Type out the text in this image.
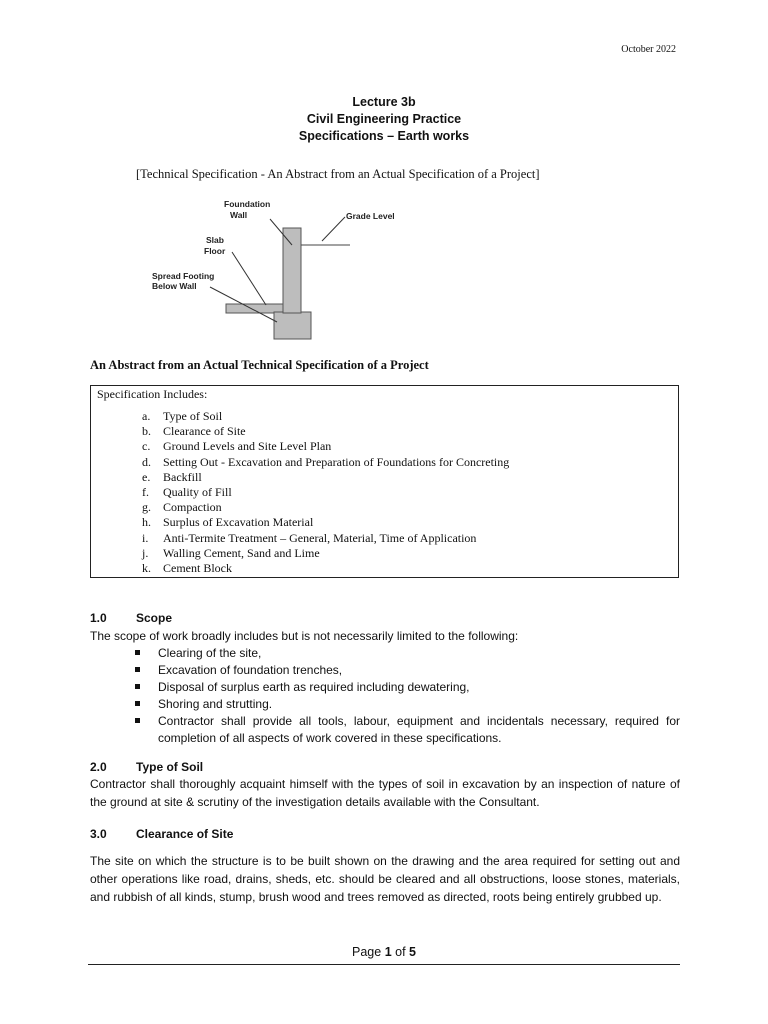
October 2022
Lecture 3b
Civil Engineering Practice
Specifications – Earth works
[Technical Specification - An Abstract from an Actual Specification of a Project]
Foundation
Wall	Grade Level
Slab
Floor
Spread Footing
Below Wall
An Abstract from an Actual Technical Specification of a Project
Specification Includes:
a.	Type of Soil
b.	Clearance of Site
c.	Ground Levels and Site Level Plan
d.	Setting Out - Excavation and Preparation of Foundations for Concreting
e.	Backfill
f.	Quality of Fill
g.	Compaction
h.	Surplus of Excavation Material
i.	Anti-Termite Treatment – General, Material, Time of Application
j.	Walling Cement, Sand and Lime
k.	Cement Block
1.0 Scope
The scope of work broadly includes but is not necessarily limited to the following:
Clearing of the site,
Excavation of foundation trenches,
Disposal of surplus earth as required including dewatering,
Shoring and strutting.
Contractor shall provide all tools, labour, equipment and incidentals necessary, required for completion of all aspects of work covered in these specifications.
2.0 Type of Soil
Contractor shall thoroughly acquaint himself with the types of soil in excavation by an inspection of nature of the ground at site & scrutiny of the investigation details available with the Consultant.
3.0 Clearance of Site
The site on which the structure is to be built shown on the drawing and the area required for setting out and other operations like road, drains, sheds, etc. should be cleared and all obstructions, loose stones, materials, and rubbish of all kinds, stump, brush wood and trees removed as directed, roots being entirely grubbed up.
Page 1 of 5
